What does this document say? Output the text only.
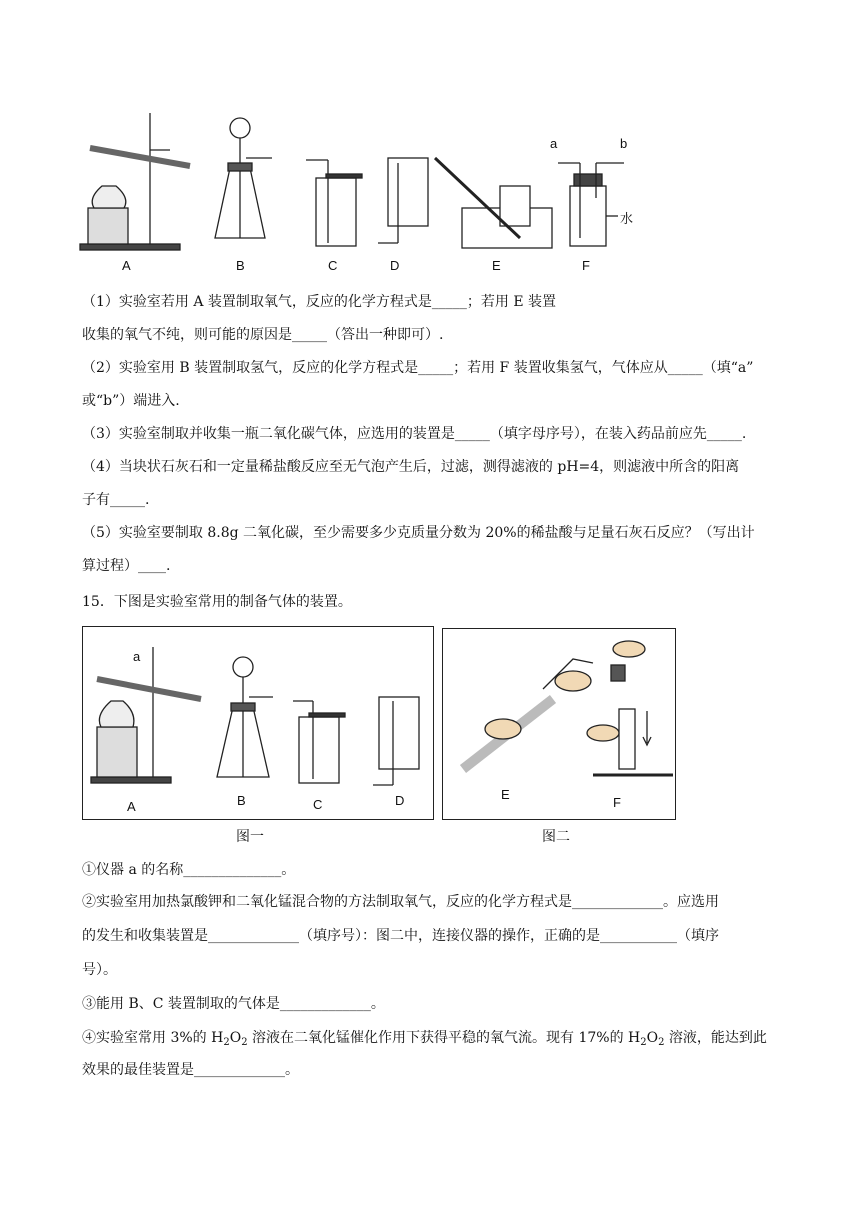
A	B	C	D	E	F
a	b
水
（1）实验室若用 A 装置制取氧气，反应的化学方程式是_____；若用 E 装置
收集的氧气不纯，则可能的原因是_____（答出一种即可）.
（2）实验室用 B 装置制取氢气，反应的化学方程式是_____；若用 F 装置收集氢气，气体应从_____（填“a”
或“b”）端进入.
（3）实验室制取并收集一瓶二氧化碳气体，应选用的装置是_____（填字母序号），在装入药品前应先_____.
（4）当块状石灰石和一定量稀盐酸反应至无气泡产生后，过滤，测得滤液的 pH=4，则滤液中所含的阳离
子有_____.
（5）实验室要制取 8.8g 二氧化碳，至少需要多少克质量分数为 20%的稀盐酸与足量石灰石反应？（写出计
算过程）____.
15．下图是实验室常用的制备气体的装置。
a
A	B	C	D
图一
E
F
图二
①仪器 a 的名称______________。
②实验室用加热氯酸钾和二氧化锰混合物的方法制取氧气，反应的化学方程式是_____________。应选用
的发生和收集装置是_____________（填序号）：图二中，连接仪器的操作，正确的是___________（填序
号）。
③能用 B、C 装置制取的气体是_____________。
④实验室常用 3%的 $H_2O_2$ 溶液在二氧化锰催化作用下获得平稳的氧气流。现有 17%的 $H_2O_2$ 溶液，能达到此
效果的最佳装置是_____________。
